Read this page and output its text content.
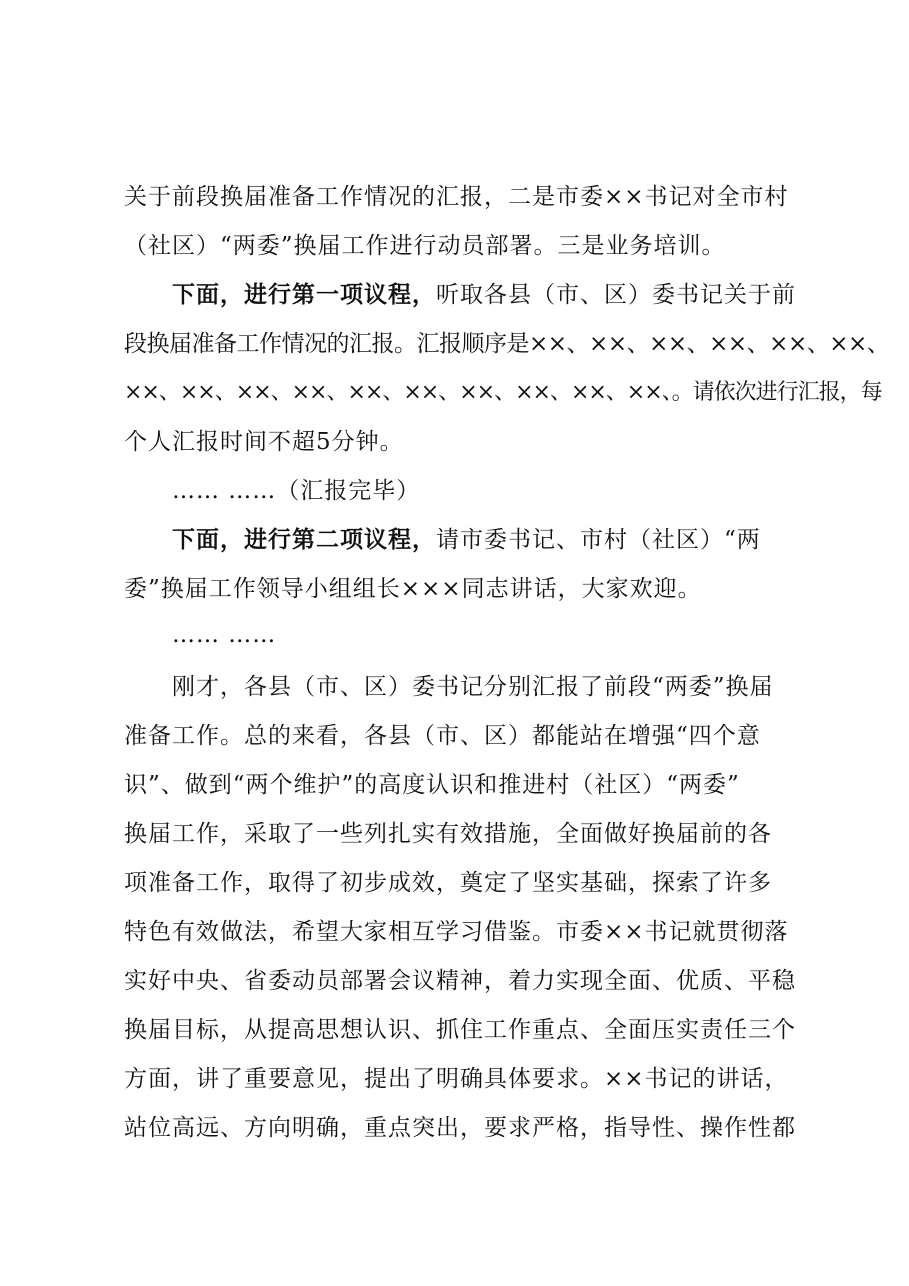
关于前段换届准备工作情况的汇报，二是市委××书记对全市村
（社区）“两委”换届工作进行动员部署。三是业务培训。
下面，进行第一项议程，听取各县（市、区）委书记关于前
段换届准备工作情况的汇报。汇报顺序是××、××、××、××、××、××、
××、××、××、××、××、××、××、××、××、××、。请依次进行汇报，每
个人汇报时间不超5分钟。
…… ……（汇报完毕）
下面，进行第二项议程，请市委书记、市村（社区）“两
委”换届工作领导小组组长×××同志讲话，大家欢迎。
…… ……
刚才，各县（市、区）委书记分别汇报了前段“两委”换届
准备工作。总的来看，各县（市、区）都能站在增强“四个意
识”、做到“两个维护”的高度认识和推进村（社区）“两委”
换届工作，采取了一些列扎实有效措施，全面做好换届前的各
项准备工作，取得了初步成效，奠定了坚实基础，探索了许多
特色有效做法，希望大家相互学习借鉴。市委××书记就贯彻落
实好中央、省委动员部署会议精神，着力实现全面、优质、平稳
换届目标，从提高思想认识、抓住工作重点、全面压实责任三个
方面，讲了重要意见，提出了明确具体要求。××书记的讲话，
站位高远、方向明确，重点突出，要求严格，指导性、操作性都
